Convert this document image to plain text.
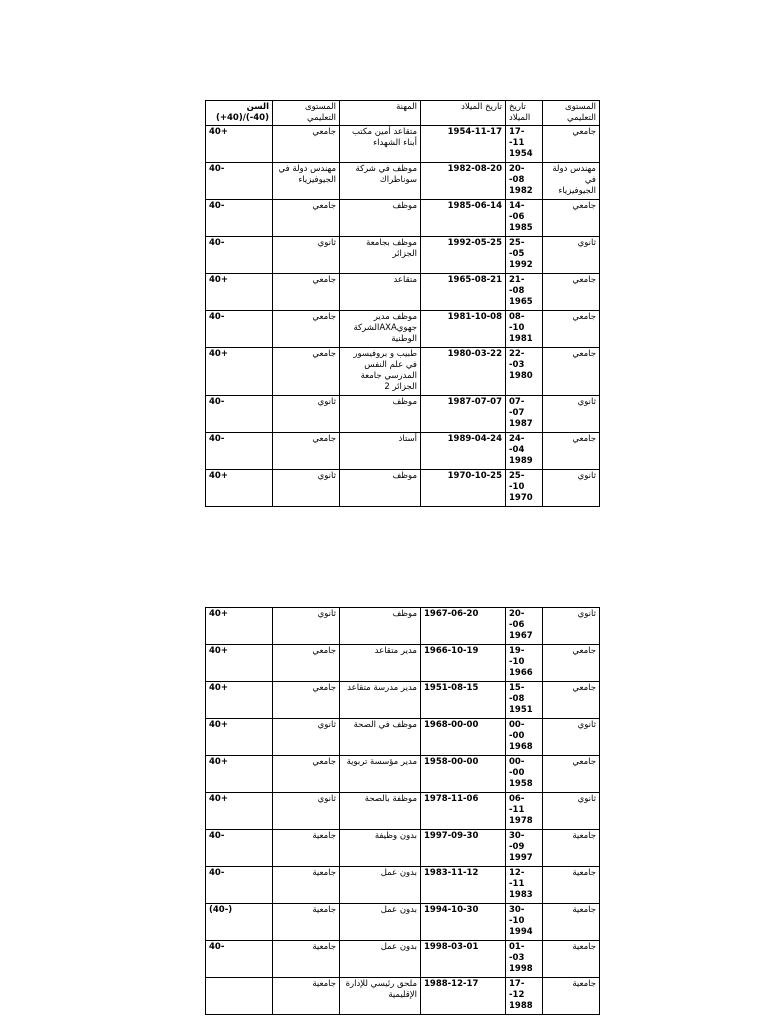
السن (40-)/(40+)	المستوى التعليمي	المهنة	تاريخ الميلاد	تاريخ الميلاد	المستوى التعليمي
40+	جامعي	متقاعد أمين مكتب أبناء الشهداء	1954-11-17	17- -11 1954	جامعي
40-	مهندس دولة في الجيوفيزياء	موظف في شركة سوناطراك	1982-08-20	20- -08 1982	مهندس دولة في الجيوفيزياء
40-	جامعي	موظف	1985-06-14	14- -06 1985	جامعي
40-	ثانوي	موظف بجامعة الجزائر	1992-05-25	25- -05 1992	ثانوي
40+	جامعي	متقاعد	1965-08-21	21- -08 1965	جامعي
40-	جامعي	موظف مدير جهويAXAالشركة الوطنية	1981-10-08	08- -10 1981	جامعي
40+	جامعي	طبيب و بروفيسور في علم النفس المدرسي جامعة الجزائر 2	1980-03-22	22- -03 1980	جامعي
40-	ثانوي	موظف	1987-07-07	07- -07 1987	ثانوي
40-	جامعي	أستاذ	1989-04-24	24- -04 1989	جامعي
40+	ثانوي	موظف	1970-10-25	25- -10 1970	ثانوي
40+	ثانوي	موظف	1967-06-20	20- -06 1967	ثانوي
40+	جامعي	مدير متقاعد	1966-10-19	19- -10 1966	جامعي
40+	جامعي	مدير مدرسة متقاعد	1951-08-15	15- -08 1951	جامعي
40+	ثانوي	موظف في الصحة	1968-00-00	00- -00 1968	ثانوي
40+	جامعي	مدير مؤسسة تربوية	1958-00-00	00- -00 1958	جامعي
40+	ثانوي	موظفة بالصحة	1978-11-06	06- -11 1978	ثانوي
40-	جامعية	بدون وظيفة	1997-09-30	30- -09 1997	جامعية
40-	جامعية	بدون عمل	1983-11-12	12- -11 1983	جامعية
(40-)	جامعية	بدون عمل	1994-10-30	30- -10 1994	جامعية
40-	جامعية	بدون عمل	1998-03-01	01- -03 1998	جامعية
	جامعية	ملحق رئيسي للإدارة الإقليمية	1988-12-17	17- -12 1988	جامعية
